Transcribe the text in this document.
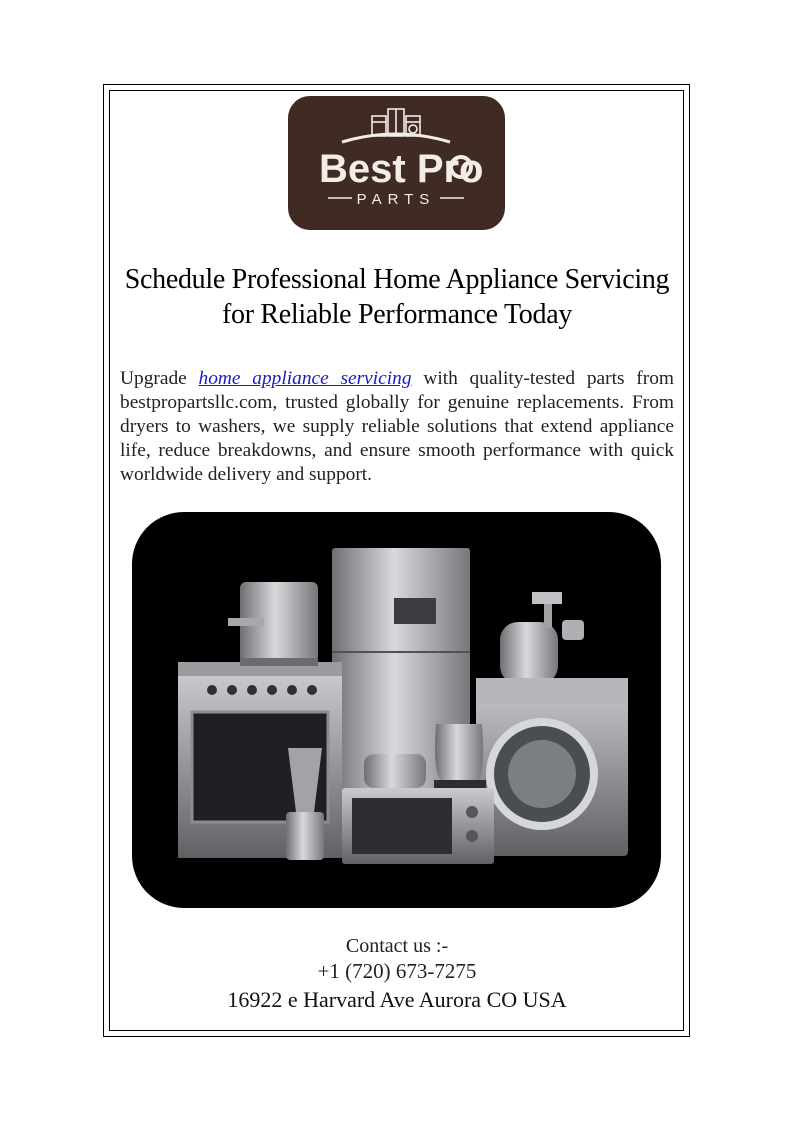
Best Pro
PARTS
Schedule Professional Home Appliance Servicing for Reliable Performance Today

Upgrade home appliance servicing with quality-tested parts from bestpropartsllc.com, trusted globally for genuine replacements. From dryers to washers, we supply reliable solutions that extend appliance life, reduce breakdowns, and ensure smooth performance with quick worldwide delivery and support.

Contact us :-
+1 (720) 673-7275
16922 e Harvard Ave Aurora CO USA
